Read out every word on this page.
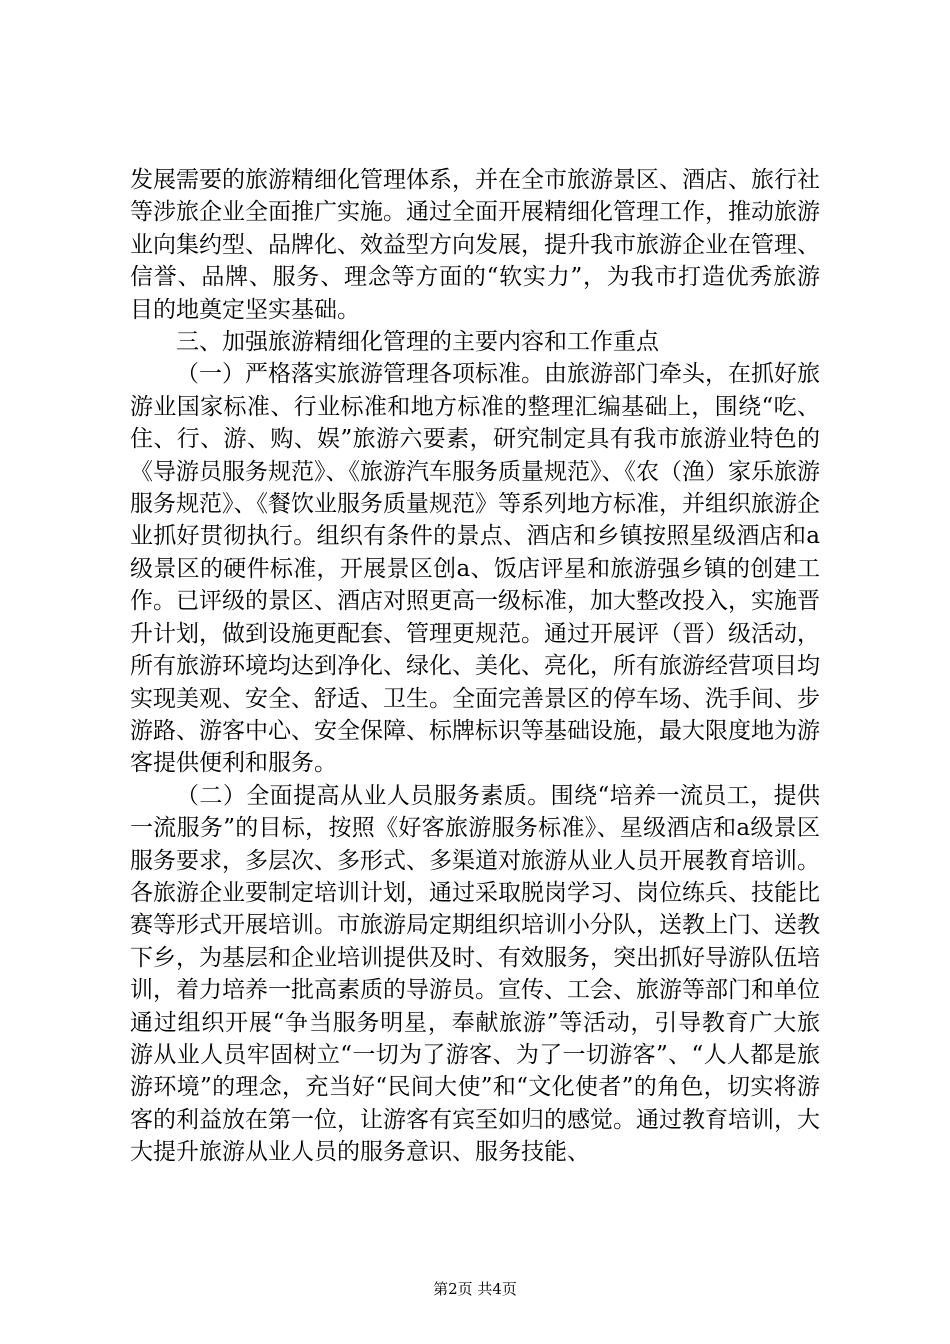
发展需要的旅游精细化管理体系，并在全市旅游景区、酒店、旅行社等涉旅企业全面推广实施。通过全面开展精细化管理工作，推动旅游业向集约型、品牌化、效益型方向发展，提升我市旅游企业在管理、信誉、品牌、服务、理念等方面的“软实力”，为我市打造优秀旅游目的地奠定坚实基础。

三、加强旅游精细化管理的主要内容和工作重点

（一）严格落实旅游管理各项标准。由旅游部门牵头，在抓好旅游业国家标准、行业标准和地方标准的整理汇编基础上，围绕“吃、住、行、游、购、娱”旅游六要素，研究制定具有我市旅游业特色的《导游员服务规范》、《旅游汽车服务质量规范》、《农（渔）家乐旅游服务规范》、《餐饮业服务质量规范》等系列地方标准，并组织旅游企业抓好贯彻执行。组织有条件的景点、酒店和乡镇按照星级酒店和a级景区的硬件标准，开展景区创a、饭店评星和旅游强乡镇的创建工作。已评级的景区、酒店对照更高一级标准，加大整改投入，实施晋升计划，做到设施更配套、管理更规范。通过开展评（晋）级活动，所有旅游环境均达到净化、绿化、美化、亮化，所有旅游经营项目均实现美观、安全、舒适、卫生。全面完善景区的停车场、洗手间、步游路、游客中心、安全保障、标牌标识等基础设施，最大限度地为游客提供便利和服务。

（二）全面提高从业人员服务素质。围绕“培养一流员工，提供一流服务”的目标，按照《好客旅游服务标准》、星级酒店和a级景区服务要求，多层次、多形式、多渠道对旅游从业人员开展教育培训。各旅游企业要制定培训计划，通过采取脱岗学习、岗位练兵、技能比赛等形式开展培训。市旅游局定期组织培训小分队，送教上门、送教下乡，为基层和企业培训提供及时、有效服务，突出抓好导游队伍培训，着力培养一批高素质的导游员。宣传、工会、旅游等部门和单位通过组织开展“争当服务明星，奉献旅游”等活动，引导教育广大旅游从业人员牢固树立“一切为了游客、为了一切游客”、“人人都是旅游环境”的理念，充当好“民间大使”和“文化使者”的角色，切实将游客的利益放在第一位，让游客有宾至如归的感觉。通过教育培训，大大提升旅游从业人员的服务意识、服务技能、

第2页 共4页
